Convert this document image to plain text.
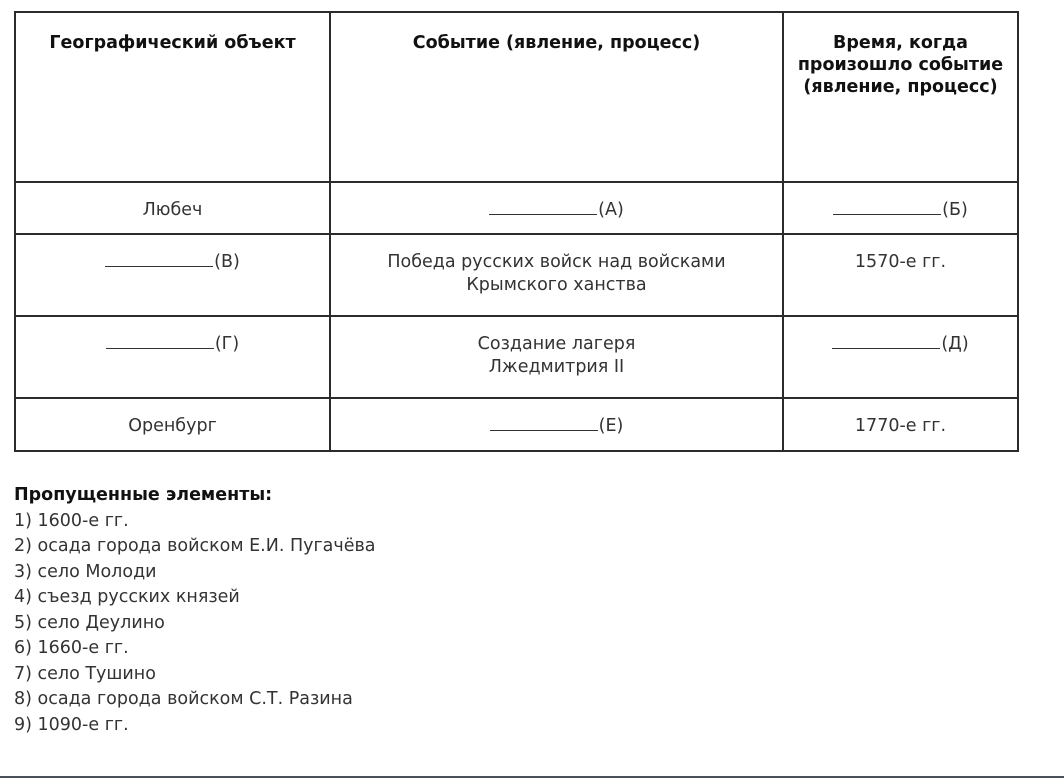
Географический объект	Событие (явление, процесс)	Время, когда произошло событие (явление, процесс)
Любеч	(А)	(Б)
(В)	Победа русских войск над войсками Крымского ханства	1570-е гг.
(Г)	Создание лагеря Лжедмитрия II	(Д)
Оренбург	(Е)	1770-е гг.
Пропущенные элементы:
1) 1600-е гг.
2) осада города войском Е.И. Пугачёва
3) село Молоди
4) съезд русских князей
5) село Деулино
6) 1660-е гг.
7) село Тушино
8) осада города войском С.Т. Разина
9) 1090-е гг.
